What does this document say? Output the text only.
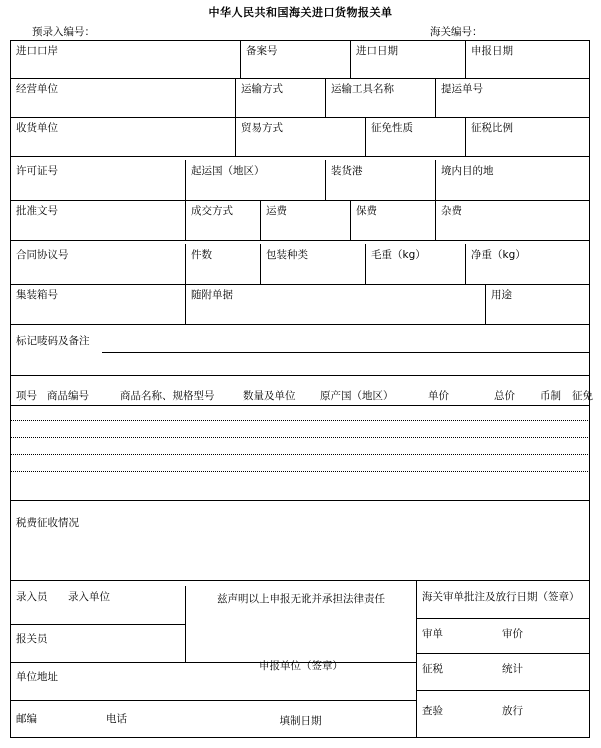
中华人民共和国海关进口货物报关单
预录入编号：	海关编号：
进口口岸	备案号	进口日期	申报日期
经营单位	运输方式	运输工具名称	提运单号
收货单位	贸易方式	征免性质	征税比例
许可证号	起运国（地区）	装货港	境内目的地
批准文号	成交方式	运费	保费	杂费
合同协议号	件数	包装种类	毛重（kg）	净重（kg）
集装箱号	随附单据	用途
标记唛码及备注
项号 商品编号	商品名称、规格型号	数量及单位 原产国（地区）	单价	总价 币制 征免
税费征收情况
录入员	录入单位
报关员
单位地址
邮编	电话	填制日期
兹声明以上申报无讹并承担法律责任
申报单位（签章）
海关审单批注及放行日期（签章）
审单	审价
征税	统计
查验	放行
